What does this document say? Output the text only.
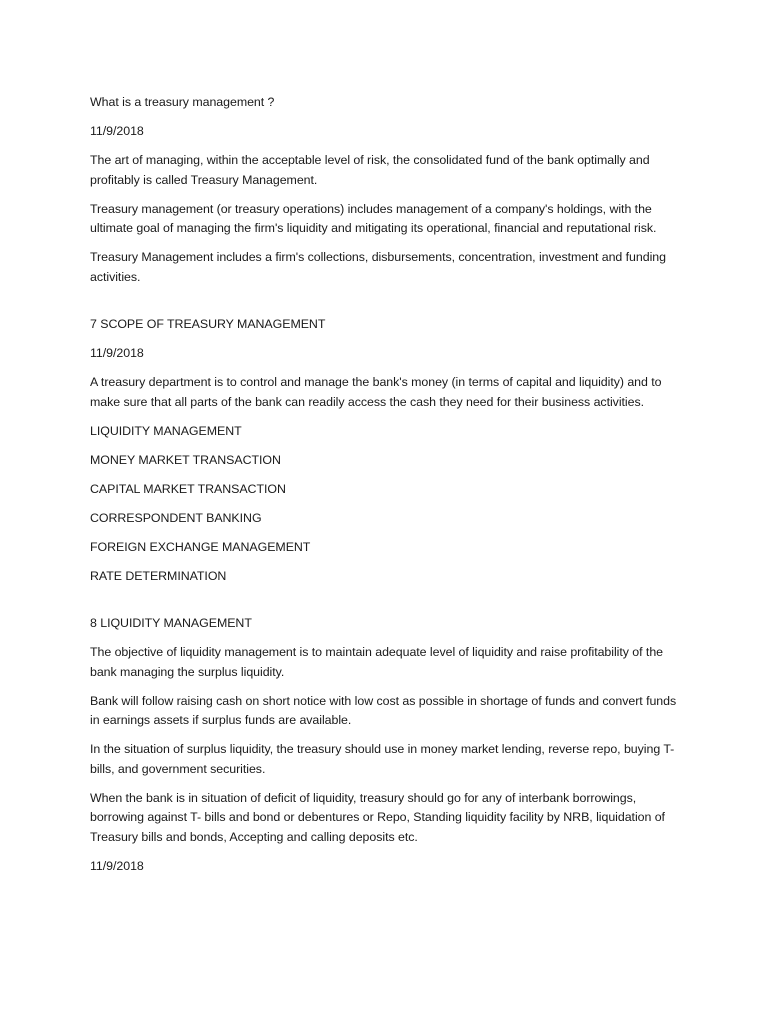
What is a treasury management ?

11/9/2018

The art of managing, within the acceptable level of risk, the consolidated fund of the bank optimally and profitably is called Treasury Management.

Treasury management (or treasury operations) includes management of a company's holdings, with the ultimate goal of managing the firm's liquidity and mitigating its operational, financial and reputational risk.

Treasury Management includes a firm's collections, disbursements, concentration, investment and funding activities.

7 SCOPE OF TREASURY MANAGEMENT

11/9/2018

A treasury department is to control and manage the bank's money (in terms of capital and liquidity) and to make sure that all parts of the bank can readily access the cash they need for their business activities.

LIQUIDITY MANAGEMENT

MONEY MARKET TRANSACTION

CAPITAL MARKET TRANSACTION

CORRESPONDENT BANKING

FOREIGN EXCHANGE MANAGEMENT

RATE DETERMINATION

8 LIQUIDITY MANAGEMENT

The objective of liquidity management is to maintain adequate level of liquidity and raise profitability of the bank managing the surplus liquidity.

Bank will follow raising cash on short notice with low cost as possible in shortage of funds and convert funds in earnings assets if surplus funds are available.

In the situation of surplus liquidity, the treasury should use in money market lending, reverse repo, buying T-bills, and government securities.

When the bank is in situation of deficit of liquidity, treasury should go for any of interbank borrowings, borrowing against T- bills and bond or debentures or Repo, Standing liquidity facility by NRB, liquidation of Treasury bills and bonds, Accepting and calling deposits etc.

11/9/2018
